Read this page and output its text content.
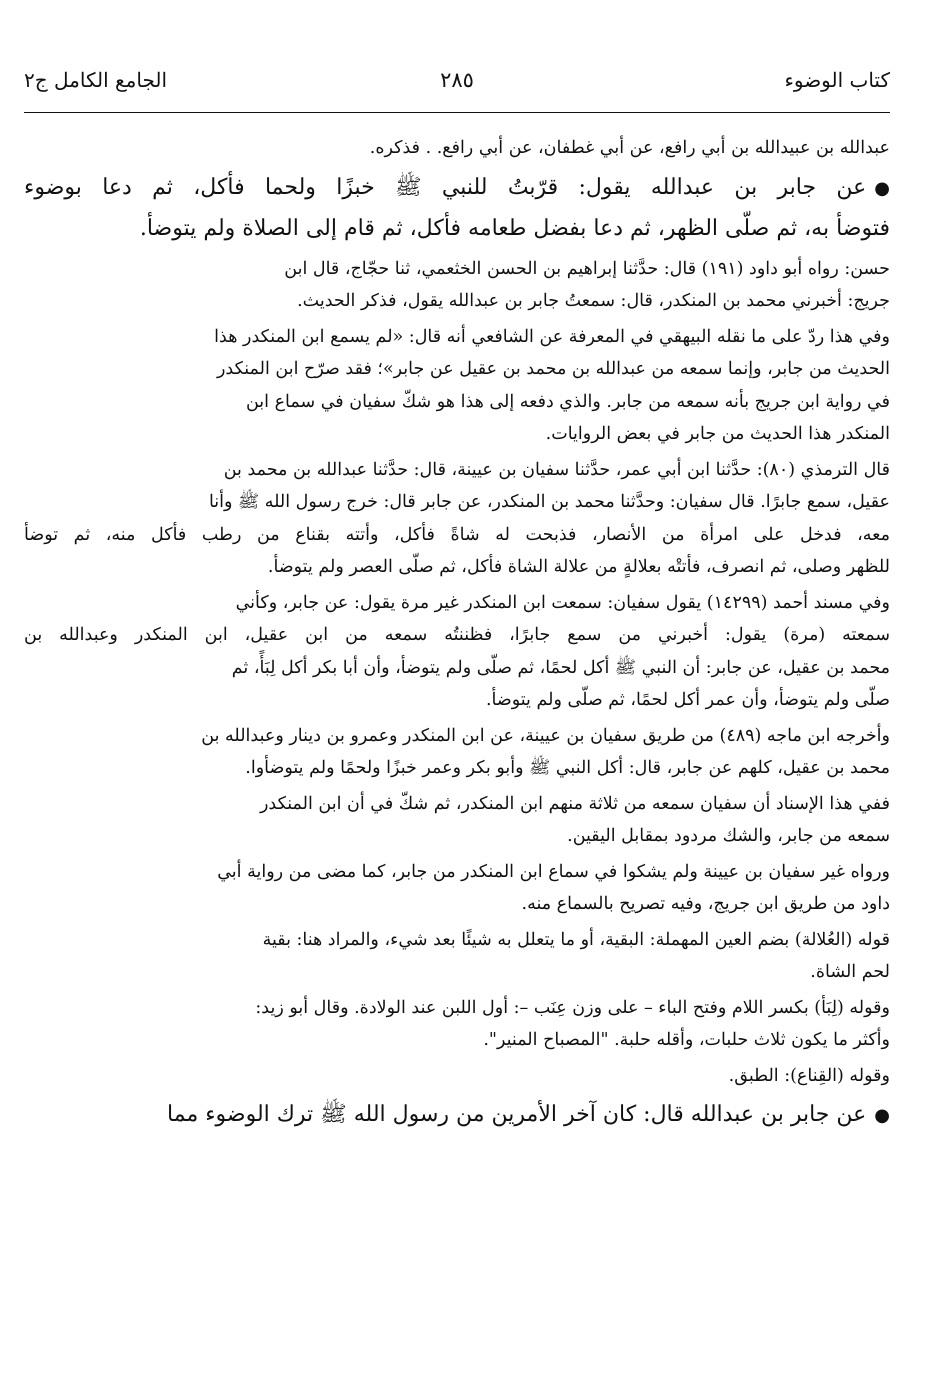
كتاب الوضوء
٢٨٥
الجامع الكامل ج٢

عبدالله بن عبيدالله بن أبي رافع، عن أبي غطفان، عن أبي رافع. . فذكره.

●عن جابر بن عبدالله يقول: قرّبتُ للنبي ﷺ خبزًا ولحما فأكل، ثم دعا بوضوء
فتوضأ به، ثم صلّى الظهر، ثم دعا بفضل طعامه فأكل، ثم قام إلى الصلاة ولم يتوضأ.

حسن: رواه أبو داود (١٩١) قال: حدَّثنا إبراهيم بن الحسن الخثعمي، ثنا حجّاج، قال ابن
جريج: أخبرني محمد بن المنكدر، قال: سمعتُ جابر بن عبدالله يقول، فذكر الحديث.

وفي هذا ردّ على ما نقله البيهقي في المعرفة عن الشافعي أنه قال: «لم يسمع ابن المنكدر هذا
الحديث من جابر، وإنما سمعه من عبدالله بن محمد بن عقيل عن جابر»؛ فقد صرّح ابن المنكدر
في رواية ابن جريج بأنه سمعه من جابر. والذي دفعه إلى هذا هو شكّ سفيان في سماع ابن
المنكدر هذا الحديث من جابر في بعض الروايات.

قال الترمذي (٨٠): حدَّثنا ابن أبي عمر، حدَّثنا سفيان بن عيينة، قال: حدَّثنا عبدالله بن محمد بن
عقيل، سمع جابرًا. قال سفيان: وحدَّثنا محمد بن المنكدر، عن جابر قال: خرج رسول الله ﷺ وأنا
معه، فدخل على امرأة من الأنصار، فذبحت له شاةً فأكل، وأتته بقناع من رطب فأكل منه، ثم توضأ
للظهر وصلى، ثم انصرف، فأتتْه بعلالةٍ من علالة الشاة فأكل، ثم صلّى العصر ولم يتوضأ.

وفي مسند أحمد (١٤٢٩٩) يقول سفيان: سمعت ابن المنكدر غير مرة يقول: عن جابر، وكأني
سمعته (مرة) يقول: أخبرني من سمع جابرًا، فظننتُه سمعه من ابن عقيل، ابن المنكدر وعبدالله بن
محمد بن عقيل، عن جابر: أن النبي ﷺ أكل لحمًا، ثم صلّى ولم يتوضأ، وأن أبا بكر أكل لِبَأً، ثم
صلّى ولم يتوضأ، وأن عمر أكل لحمًا، ثم صلّى ولم يتوضأ.

وأخرجه ابن ماجه (٤٨٩) من طريق سفيان بن عيينة، عن ابن المنكدر وعمرو بن دينار وعبدالله بن
محمد بن عقيل، كلهم عن جابر، قال: أكل النبي ﷺ وأبو بكر وعمر خبزًا ولحمًا ولم يتوضأوا.

ففي هذا الإسناد أن سفيان سمعه من ثلاثة منهم ابن المنكدر، ثم شكّ في أن ابن المنكدر
سمعه من جابر، والشك مردود بمقابل اليقين.

ورواه غير سفيان بن عيينة ولم يشكوا في سماع ابن المنكدر من جابر، كما مضى من رواية أبي
داود من طريق ابن جريج، وفيه تصريح بالسماع منه.

قوله (العُلالة) بضم العين المهملة: البقية، أو ما يتعلل به شيئًا بعد شيء، والمراد هنا: بقية
لحم الشاة.

وقوله (لِبَأ) بكسر اللام وفتح الباء – على وزن عِنَب –: أول اللبن عند الولادة. وقال أبو زيد:
وأكثر ما يكون ثلاث حلبات، وأقله حلبة. "المصباح المنير".

وقوله (القِناع): الطبق.

●عن جابر بن عبدالله قال: كان آخر الأمرين من رسول الله ﷺ ترك الوضوء مما
